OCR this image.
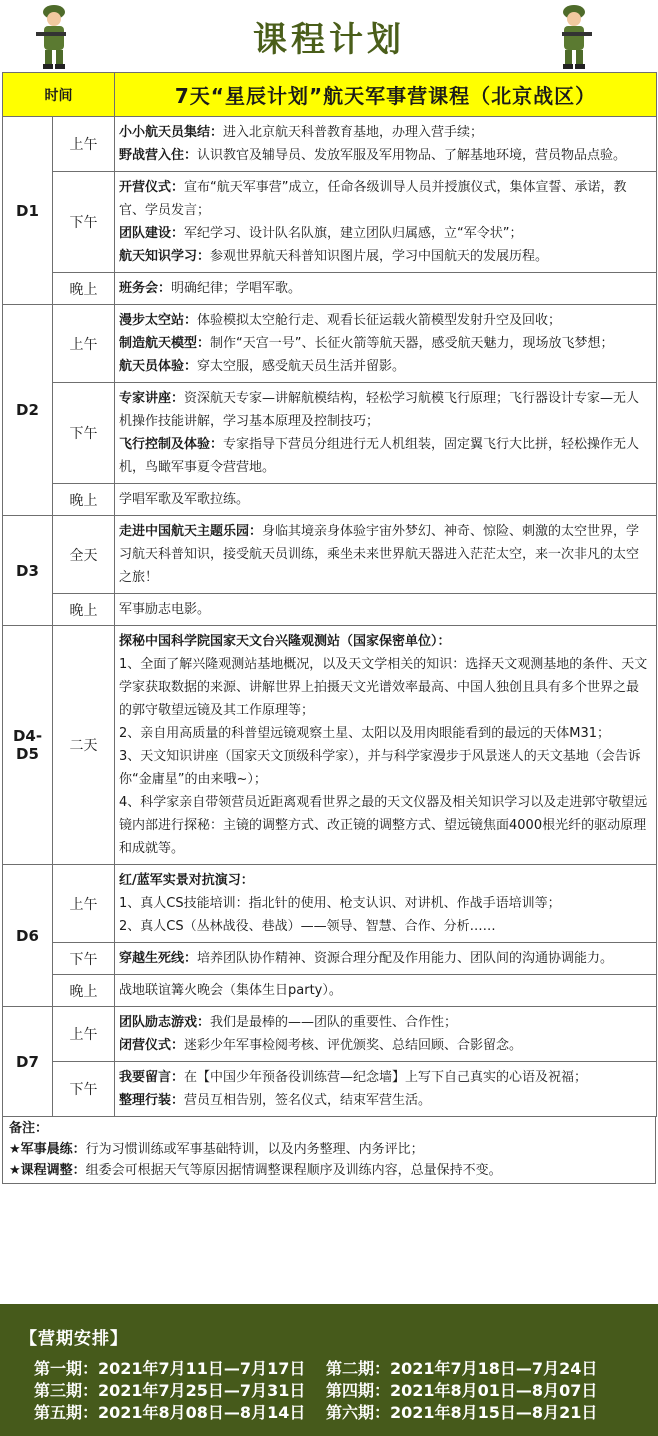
课程计划
时间		7天“星辰计划”航天军事营课程（北京战区）
D1	上午	小小航天员集结：进入北京航天科普教育基地，办理入营手续；
野战营入住：认识教官及辅导员、发放军服及军用物品、了解基地环境，营员物品点验。

	下午	开营仪式：宣布“航天军事营”成立，任命各级训导人员并授旗仪式，集体宣誓、承诺，教官、学员发言；
团队建设：军纪学习、设计队名队旗，建立团队归属感，立“军令状”；
航天知识学习：参观世界航天科普知识图片展，学习中国航天的发展历程。

	晚上	班务会：明确纪律；学唱军歌。

D2	上午	漫步太空站：体验模拟太空舱行走、观看长征运载火箭模型发射升空及回收；
制造航天模型：制作“天宫一号”、长征火箭等航天器，感受航天魅力，现场放飞梦想；
航天员体验：穿太空服，感受航天员生活并留影。

	下午	专家讲座：资深航天专家—讲解航模结构，轻松学习航模飞行原理；飞行器设计专家—无人机操作技能讲解，学习基本原理及控制技巧；
飞行控制及体验：专家指导下营员分组进行无人机组装，固定翼飞行大比拼，轻松操作无人机，鸟瞰军事夏令营营地。

	晚上	学唱军歌及军歌拉练。

D3	全天	走进中国航天主题乐园：身临其境亲身体验宇宙外梦幻、神奇、惊险、刺激的太空世界，学习航天科普知识，接受航天员训练，乘坐未来世界航天器进入茫茫太空，来一次非凡的太空之旅！

	晚上	军事励志电影。

D4-D5	二天	探秘中国科学院国家天文台兴隆观测站（国家保密单位）：
1、全面了解兴隆观测站基地概况，以及天文学相关的知识：选择天文观测基地的条件、天文学家获取数据的来源、讲解世界上拍摄天文光谱效率最高、中国人独创且具有多个世界之最的郭守敬望远镜及其工作原理等；
2、亲自用高质量的科普望远镜观察土星、太阳以及用肉眼能看到的最远的天体M31；
3、天文知识讲座（国家天文顶级科学家），并与科学家漫步于风景迷人的天文基地（会告诉你“金庸星”的由来哦~）；
4、科学家亲自带领营员近距离观看世界之最的天文仪器及相关知识学习以及走进郭守敬望远镜内部进行探秘：主镜的调整方式、改正镜的调整方式、望远镜焦面4000根光纤的驱动原理和成就等。

D6	上午	红/蓝军实景对抗演习：
1、真人CS技能培训：指北针的使用、枪支认识、对讲机、作战手语培训等；
2、真人CS（丛林战役、巷战）——领导、智慧、合作、分析……

	下午	穿越生死线：培养团队协作精神、资源合理分配及作用能力、团队间的沟通协调能力。

	晚上	战地联谊篝火晚会（集体生日party）。

D7	上午	团队励志游戏：我们是最棒的——团队的重要性、合作性；
闭营仪式：迷彩少年军事检阅考核、评优颁奖、总结回顾、合影留念。

	下午	我要留言：在【中国少年预备役训练营—纪念墙】上写下自己真实的心语及祝福；
整理行装：营员互相告别，签名仪式，结束军营生活。
备注：
★军事晨练：行为习惯训练或军事基础特训，以及内务整理、内务评比；
★课程调整：组委会可根据天气等原因据情调整课程顺序及训练内容，总量保持不变。
【营期安排】
第一期：2021年7月11日—7月17日 第二期：2021年7月18日—7月24日
第三期：2021年7月25日—7月31日 第四期：2021年8月01日—8月07日
第五期：2021年8月08日—8月14日 第六期：2021年8月15日—8月21日
